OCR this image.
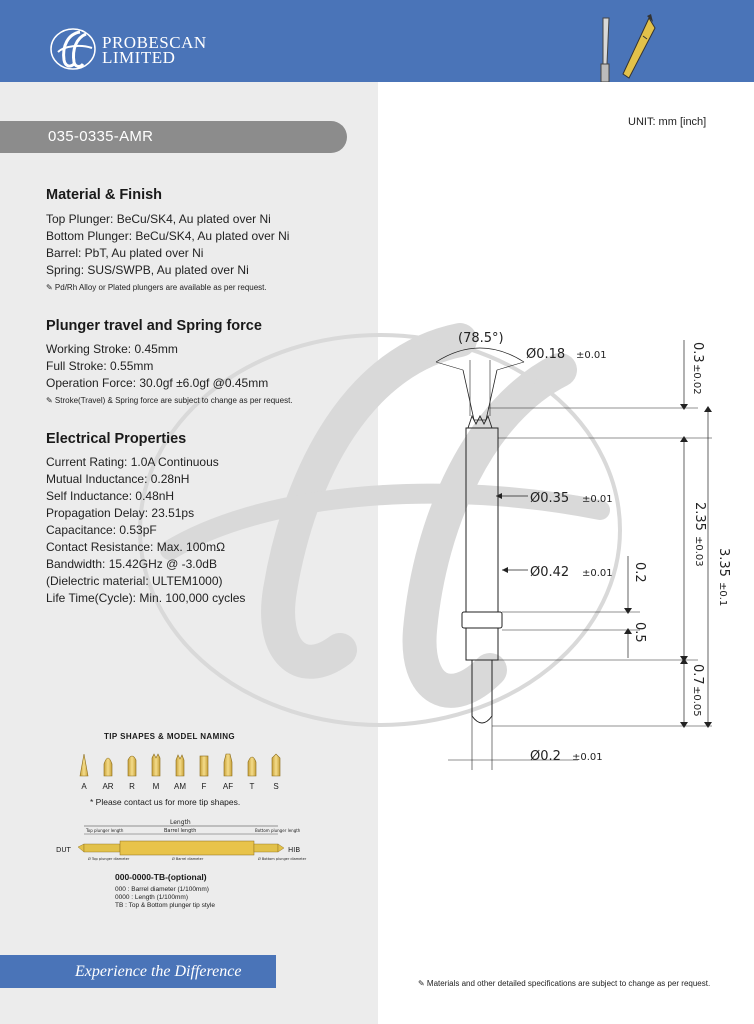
PROBESCAN
LIMITED
035-0335-AMR
UNIT: mm [inch]
Material & Finish
Top Plunger: BeCu/SK4, Au plated over Ni
Bottom Plunger: BeCu/SK4, Au plated over Ni
Barrel: PbT, Au plated over Ni
Spring: SUS/SWPB, Au plated over Ni
✎ Pd/Rh Alloy or Plated plungers are available as per request.
Plunger travel and Spring force
Working Stroke: 0.45mm
Full Stroke: 0.55mm
Operation Force: 30.0gf ±6.0gf @0.45mm
✎ Stroke(Travel) & Spring force are subject to change as per request.
Electrical Properties
Current Rating: 1.0A Continuous
Mutual Inductance: 0.28nH
Self Inductance: 0.48nH
Propagation Delay: 23.51ps
Capacitance: 0.53pF
Contact Resistance: Max. 100mΩ
Bandwidth: 15.42GHz @ -3.0dB
(Dielectric material: ULTEM1000)
Life Time(Cycle): Min. 100,000 cycles
TIP SHAPES & MODEL NAMING
A	AR	R	M	AM	F	AF	T	S
* Please contact us for more tip shapes.
Length
Top plunger length	Barrel length	Bottom plunger length
DUT	HIB
Ø Top plunger diameter	Ø Barrel diameter	Ø Bottom plunger diameter
000-0000-TB-(optional)
000 : Barrel diameter (1/100mm)
0000 : Length (1/100mm)
TB : Top & Bottom plunger tip style
Experience the Difference
✎ Materials and other detailed specifications are subject to change as per request.
(78.5°)
Ø0.18 ±0.01
Ø0.35 ±0.01
Ø0.42 ±0.01
Ø0.2 ±0.01
0.3
±0.02
2.35
±0.03 3.35
±0.1
0.7
±0.05
0.2
0.5
